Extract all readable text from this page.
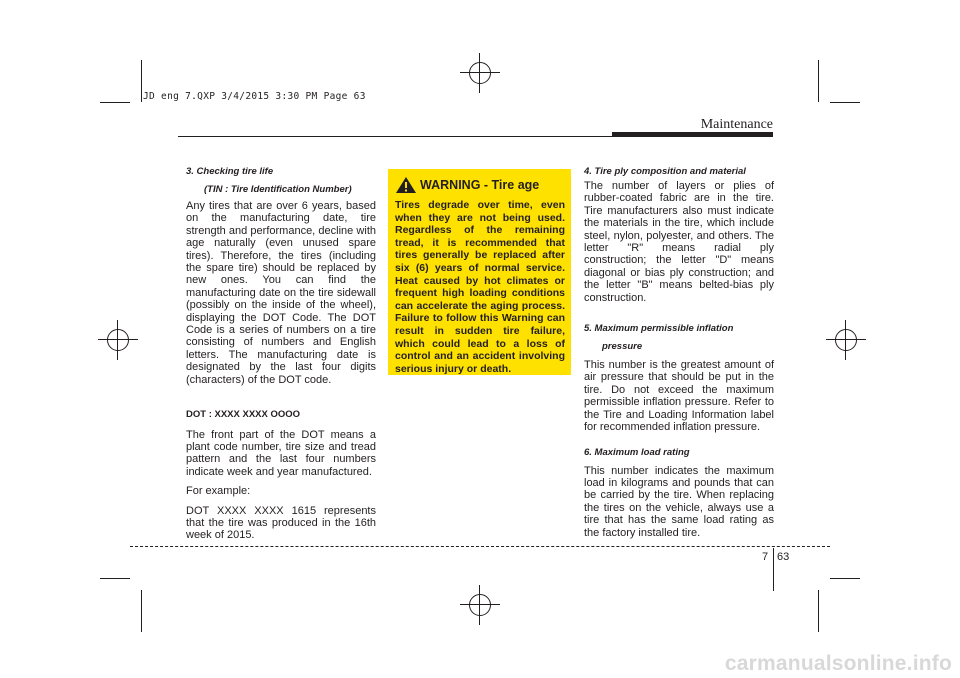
JD eng 7.QXP 3/4/2015 3:30 PM Page 63
Maintenance

3. Checking tire life

(TIN : Tire Identification Number)

Any tires that are over 6 years, based on the manufacturing date, tire strength and performance, decline with age naturally (even unused spare tires). Therefore, the tires (including the spare tire) should be replaced by new ones. You can find the manufacturing date on the tire sidewall (possibly on the inside of the wheel), displaying the DOT Code. The DOT Code is a series of numbers on a tire consisting of numbers and English letters. The manufacturing date is designated by the last four digits (characters) of the DOT code.

DOT : XXXX XXXX OOOO

The front part of the DOT means a plant code number, tire size and tread pattern and the last four numbers indicate week and year manufactured.

For example:

DOT XXXX XXXX 1615 represents that the tire was produced in the 16th week of 2015.

WARNING - Tire age
Tires degrade over time, even when they are not being used. Regardless of the remaining tread, it is recommended that tires generally be replaced after six (6) years of normal service. Heat caused by hot climates or frequent high loading conditions can accelerate the aging process. Failure to follow this Warning can result in sudden tire failure, which could lead to a loss of control and an accident involving serious injury or death.

4. Tire ply composition and material

The number of layers or plies of rubber-coated fabric are in the tire. Tire manufacturers also must indicate the materials in the tire, which include steel, nylon, polyester, and others. The letter "R" means radial ply construction; the letter "D" means diagonal or bias ply construction; and the letter "B" means belted-bias ply construction.

5. Maximum permissible inflation

pressure

This number is the greatest amount of air pressure that should be put in the tire. Do not exceed the maximum permissible inflation pressure. Refer to the Tire and Loading Information label for recommended inflation pressure.

6. Maximum load rating

This number indicates the maximum load in kilograms and pounds that can be carried by the tire. When replacing the tires on the vehicle, always use a tire that has the same load rating as the factory installed tire.

7 63
carmanualsonline.info
